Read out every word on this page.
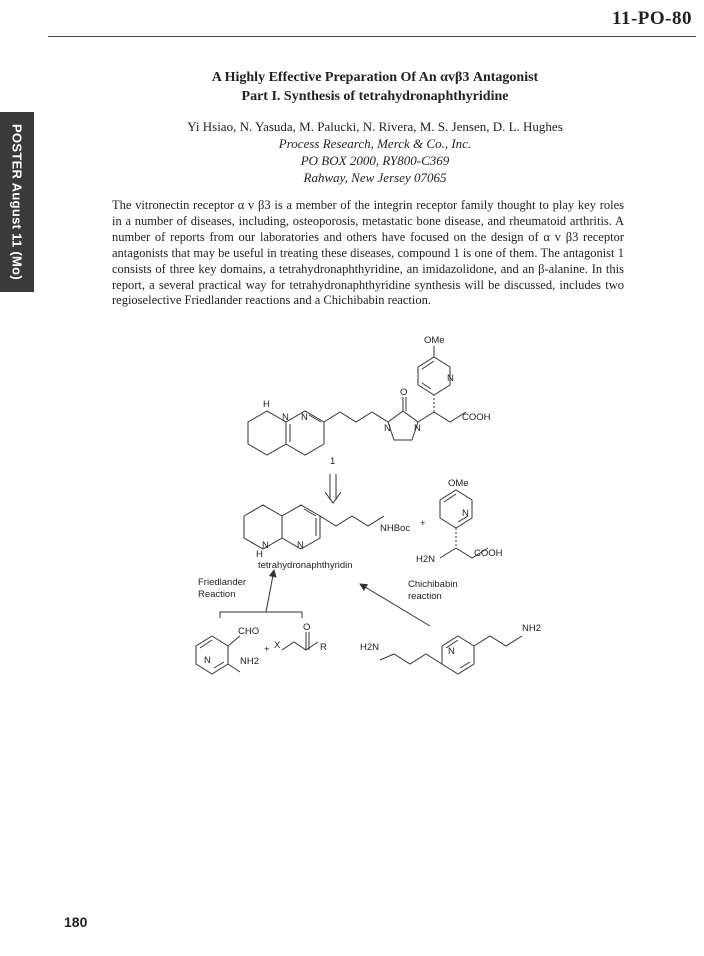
11-PO-80
POSTER August 11 (Mo)
A Highly Effective Preparation Of An αvβ3 Antagonist
Part I. Synthesis of tetrahydronaphthyridine
Yi Hsiao, N. Yasuda, M. Palucki, N. Rivera, M. S. Jensen, D. L. Hughes
Process Research, Merck & Co., Inc.
PO BOX 2000, RY800-C369
Rahway, New Jersey 07065
The vitronectin receptor α v β3 is a member of the integrin receptor family thought to play key roles in a number of diseases, including, osteoporosis, metastatic bone disease, and rheumatoid arthritis. A number of reports from our laboratories and others have focused on the design of α v β3 receptor antagonists that may be useful in treating these diseases, compound 1 is one of them. The antagonist 1 consists of three key domains, a tetrahydronaphthyridine, an imidazolidone, and an β-alanine. In this report, a several practical way for tetrahydronaphthyridine synthesis will be discussed, includes two regioselective Friedlander reactions and a Chichibabin reaction.
OMe
N
O
N N
COOH
H
N N
1
H
N	N
NHBoc +
tetrahydronaphthyridin
OMe
N
H2N
COOH
Friedlander
Reaction
Chichibabin
reaction
CHO
N	NH2
+ X
O
R	H2N	N
NH2
180
